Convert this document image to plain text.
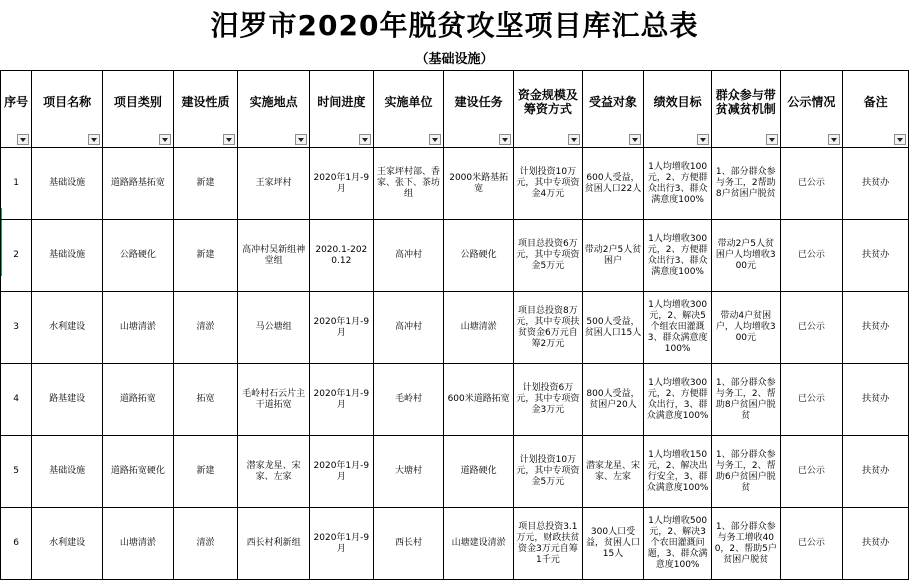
汨罗市2020年脱贫攻坚项目库汇总表
（基础设施）
序号	项目名称	项目类别	建设性质	实施地点	时间进度	实施单位	建设任务	资金规模及筹资方式	受益对象	绩效目标	群众参与带贫减贫机制	公示情况	备注

1	基础设施	道路路基拓宽	新建	王家坪村	2020年1月-9月	王家坪村部、香家、张下、茶坊组	2000米路基拓宽	计划投资10万元，其中专项资金4万元	600人受益，贫困人口22人	1人均增收100元，2、方便群众出行3、群众满意度100%	1、部分群众参与务工，2帮助8户贫困户脱贫	已公示	扶贫办
2	基础设施	公路硬化	新建	高冲村吴新组神堂组	2020.1-2020.12	高冲村	公路硬化	项目总投资6万元，其中专项资金5万元	带动2户5人贫困户	1人均增收300元，2、方便群众出行3、群众满意度100%	带动2户5人贫困户人均增收300元	已公示	扶贫办
3	水利建设	山塘清淤	清淤	马公塘组	2020年1月-9月	高冲村	山塘清淤	项目总投资8万元，其中专项扶贫资金6万元自筹2万元	500人受益，贫困人口15人	1人均增收300元，2、解决5个组农田灌溉3、群众满意度100%	带动4户贫困户，人均增收300元	已公示	扶贫办
4	路基建设	道路拓宽	拓宽	毛岭村石云片主干道拓宽	2020年1月-9月	毛岭村	600米道路拓宽	计划投资6万元，其中专项资金3万元	800人受益，贫困户20人	1人均增收300元，2、方便群众出行，3、群众满意度100%	1、部分群众参与务工，2、帮助8户贫困户脱贫	已公示	扶贫办
5	基础设施	道路拓宽硬化	新建	潜家龙星、宋家、左家	2020年1月-9月	大塘村	道路硬化	计划投资10万元，其中专项资金5万元	潜家龙星、宋家、左家	1人均增收150元，2、解决出行安全，3、群众满意度100%	1、部分群众参与务工，2、帮助6户贫困户脱贫	已公示	扶贫办
6	水利建设	山塘清淤	清淤	西长村利新组	2020年1月-9月	西长村	山塘建设清淤	项目总投资3.1万元，财政扶贫资金3万元自筹1千元	300人口受益，贫困人口15人	1人均增收500元，2、解决3个农田灌溉问题，3、群众满意度100%	1、部分群众参与务工增收400，2、帮助5户贫困户脱贫	已公示	扶贫办
